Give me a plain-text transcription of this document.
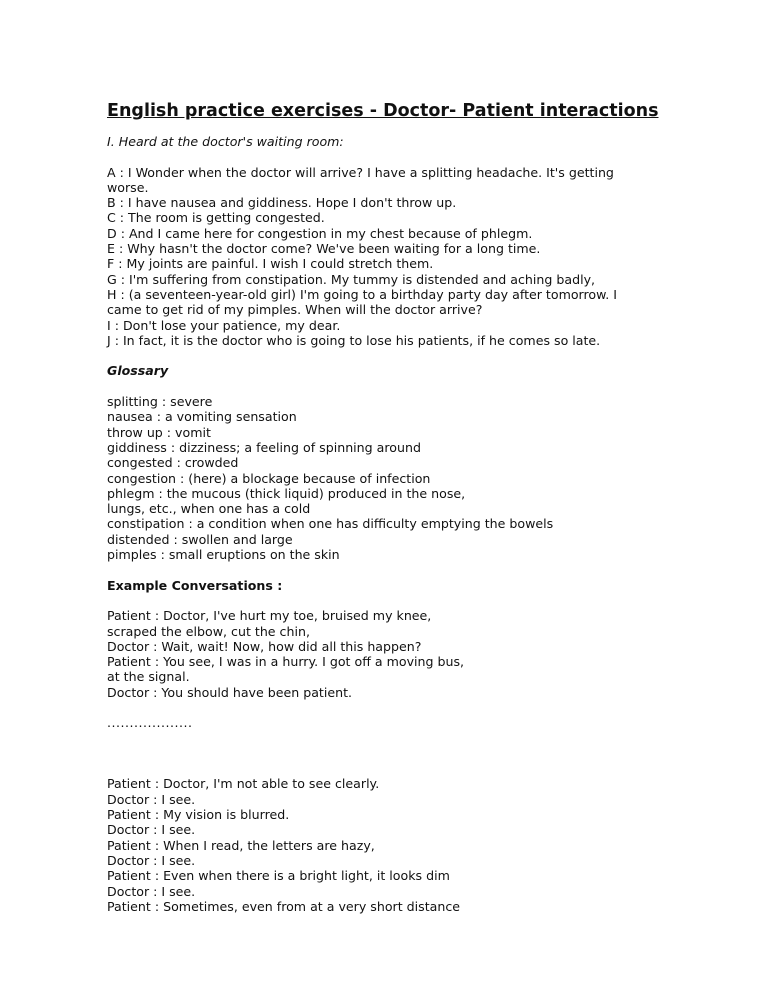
English practice exercises - Doctor- Patient interactions
I. Heard at the doctor's waiting room:
A : I Wonder when the doctor will arrive? I have a splitting headache. It's getting
worse.
B : I have nausea and giddiness. Hope I don't throw up.
C : The room is getting congested.
D : And I came here for congestion in my chest because of phlegm.
E : Why hasn't the doctor come? We've been waiting for a long time.
F : My joints are painful. I wish I could stretch them.
G : I'm suffering from constipation. My tummy is distended and aching badly,
H : (a seventeen-year-old girl) I'm going to a birthday party day after tomorrow. I
came to get rid of my pimples. When will the doctor arrive?
I : Don't lose your patience, my dear.
J : In fact, it is the doctor who is going to lose his patients, if he comes so late.
Glossary
splitting : severe
nausea : a vomiting sensation
throw up : vomit
giddiness : dizziness; a feeling of spinning around
congested : crowded
congestion : (here) a blockage because of infection
phlegm : the mucous (thick liquid) produced in the nose,
lungs, etc., when one has a cold
constipation : a condition when one has difficulty emptying the bowels
distended : swollen and large
pimples : small eruptions on the skin
Example Conversations :
Patient : Doctor, I've hurt my toe, bruised my knee,
scraped the elbow, cut the chin,
Doctor : Wait, wait! Now, how did all this happen?
Patient : You see, I was in a hurry. I got off a moving bus,
at the signal.
Doctor : You should have been patient.
...................
Patient : Doctor, I'm not able to see clearly.
Doctor : I see.
Patient : My vision is blurred.
Doctor : I see.
Patient : When I read, the letters are hazy,
Doctor : I see.
Patient : Even when there is a bright light, it looks dim
Doctor : I see.
Patient : Sometimes, even from at a very short distance
